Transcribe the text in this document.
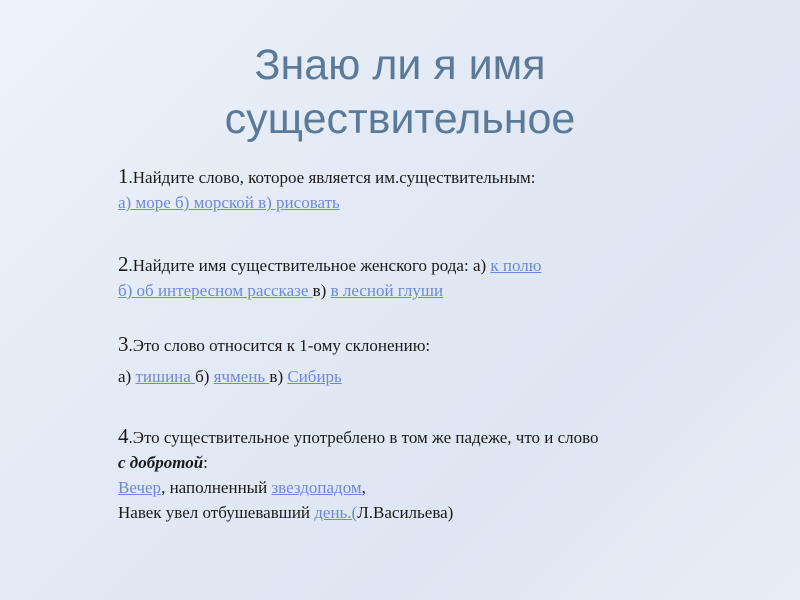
Знаю ли я имя
существительное
1.Найдите слово, которое является им.существительным:
а) море б) морской в) рисовать
2.Найдите имя существительное женского рода: а) к полю
б) об интересном рассказе в) в лесной глуши
3.Это слово относится к 1-ому склонению:
а) тишина б) ячмень в) Сибирь
4.Это существительное употреблено в том же падеже, что и слово
с добротой:
Вечер, наполненный звездопадом,
Навек увел отбушевавший день.(Л.Васильева)
